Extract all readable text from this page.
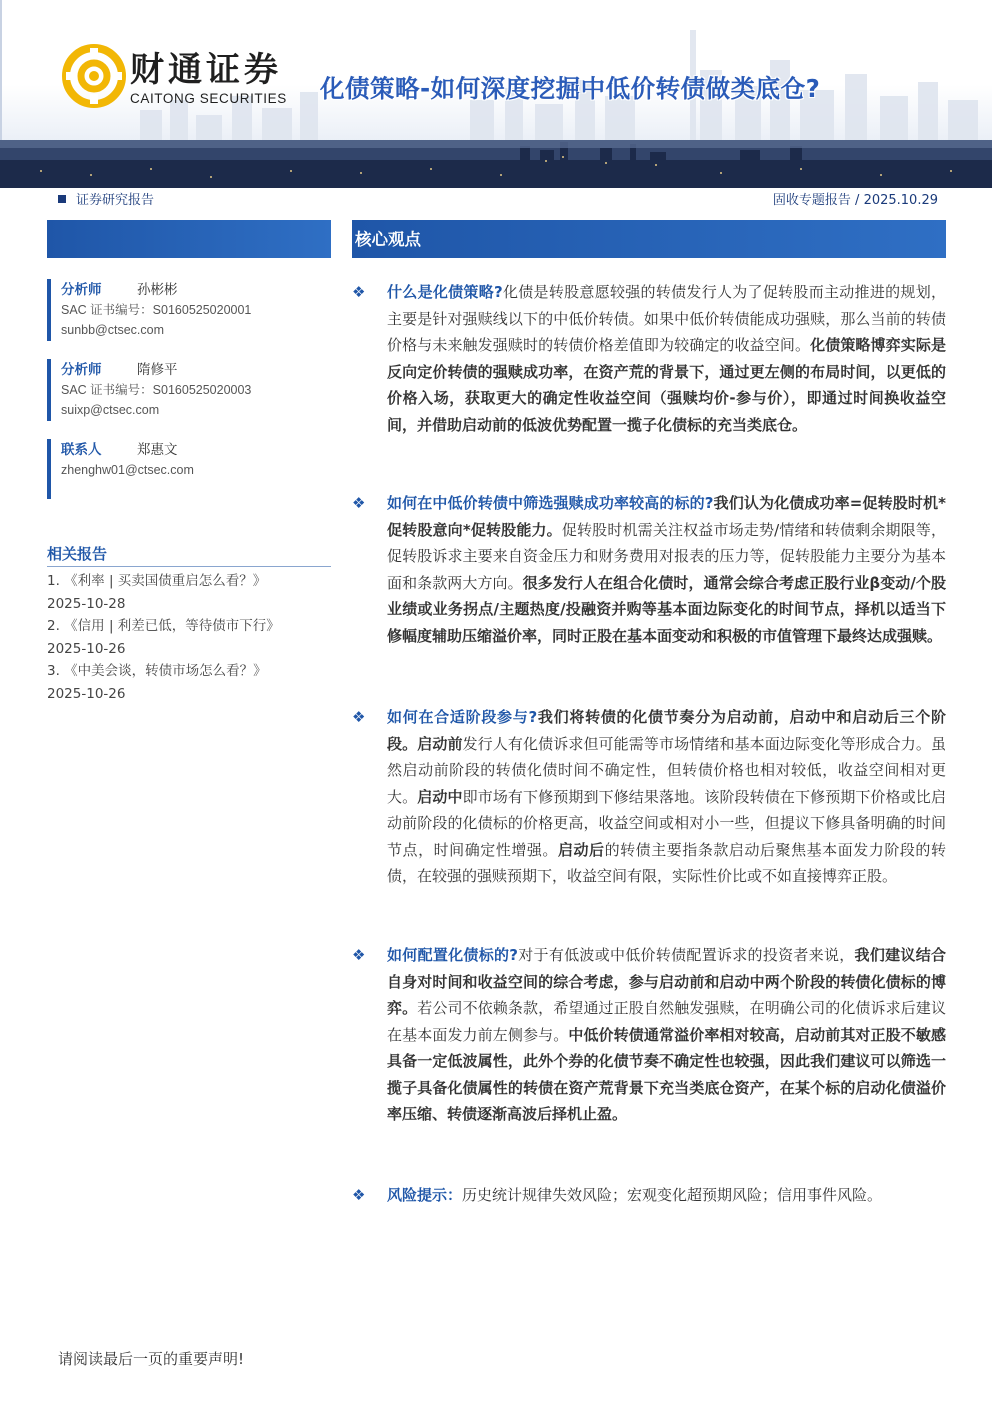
财通证券
CAITONG SECURITIES 化债策略-如何深度挖掘中低价转债做类底仓?
证券研究报告	固收专题报告 / 2025.10.29
分析师	孙彬彬
SAC 证书编号：S0160525020001
sunbb@ctsec.com
分析师	隋修平
SAC 证书编号：S0160525020003
suixp@ctsec.com
联系人	郑惠文
zhenghw01@ctsec.com
相关报告
1. 《利率 | 买卖国债重启怎么看？》
2025-10-28
2. 《信用 | 利差已低，等待债市下行》
2025-10-26
3. 《中美会谈，转债市场怎么看？》
2025-10-26
核心观点
❖ 什么是化债策略?化债是转股意愿较强的转债发行人为了促转股而主动推进的规划，主要是针对强赎线以下的中低价转债。如果中低价转债能成功强赎，那么当前的转债价格与未来触发强赎时的转债价格差值即为较确定的收益空间。化债策略博弈实际是反向定价转债的强赎成功率，在资产荒的背景下，通过更左侧的布局时间，以更低的价格入场，获取更大的确定性收益空间（强赎均价-参与价），即通过时间换收益空间，并借助启动前的低波优势配置一揽子化债标的充当类底仓。
❖ 如何在中低价转债中筛选强赎成功率较高的标的?我们认为化债成功率=促转股时机*促转股意向*促转股能力。促转股时机需关注权益市场走势/情绪和转债剩余期限等，促转股诉求主要来自资金压力和财务费用对报表的压力等，促转股能力主要分为基本面和条款两大方向。很多发行人在组合化债时，通常会综合考虑正股行业β变动/个股业绩或业务拐点/主题热度/投融资并购等基本面边际变化的时间节点，择机以适当下修幅度辅助压缩溢价率，同时正股在基本面变动和积极的市值管理下最终达成强赎。
❖ 如何在合适阶段参与?我们将转债的化债节奏分为启动前，启动中和启动后三个阶段。启动前发行人有化债诉求但可能需等市场情绪和基本面边际变化等形成合力。虽然启动前阶段的转债化债时间不确定性，但转债价格也相对较低，收益空间相对更大。启动中即市场有下修预期到下修结果落地。该阶段转债在下修预期下价格或比启动前阶段的化债标的价格更高，收益空间或相对小一些，但提议下修具备明确的时间节点，时间确定性增强。启动后的转债主要指条款启动后聚焦基本面发力阶段的转债，在较强的强赎预期下，收益空间有限，实际性价比或不如直接博弈正股。
❖ 如何配置化债标的?对于有低波或中低价转债配置诉求的投资者来说，我们建议结合自身对时间和收益空间的综合考虑，参与启动前和启动中两个阶段的转债化债标的博弈。若公司不依赖条款，希望通过正股自然触发强赎，在明确公司的化债诉求后建议在基本面发力前左侧参与。中低价转债通常溢价率相对较高，启动前其对正股不敏感具备一定低波属性，此外个券的化债节奏不确定性也较强，因此我们建议可以筛选一揽子具备化债属性的转债在资产荒背景下充当类底仓资产，在某个标的启动化债溢价率压缩、转债逐渐高波后择机止盈。
❖ 风险提示：历史统计规律失效风险；宏观变化超预期风险；信用事件风险。
请阅读最后一页的重要声明!
